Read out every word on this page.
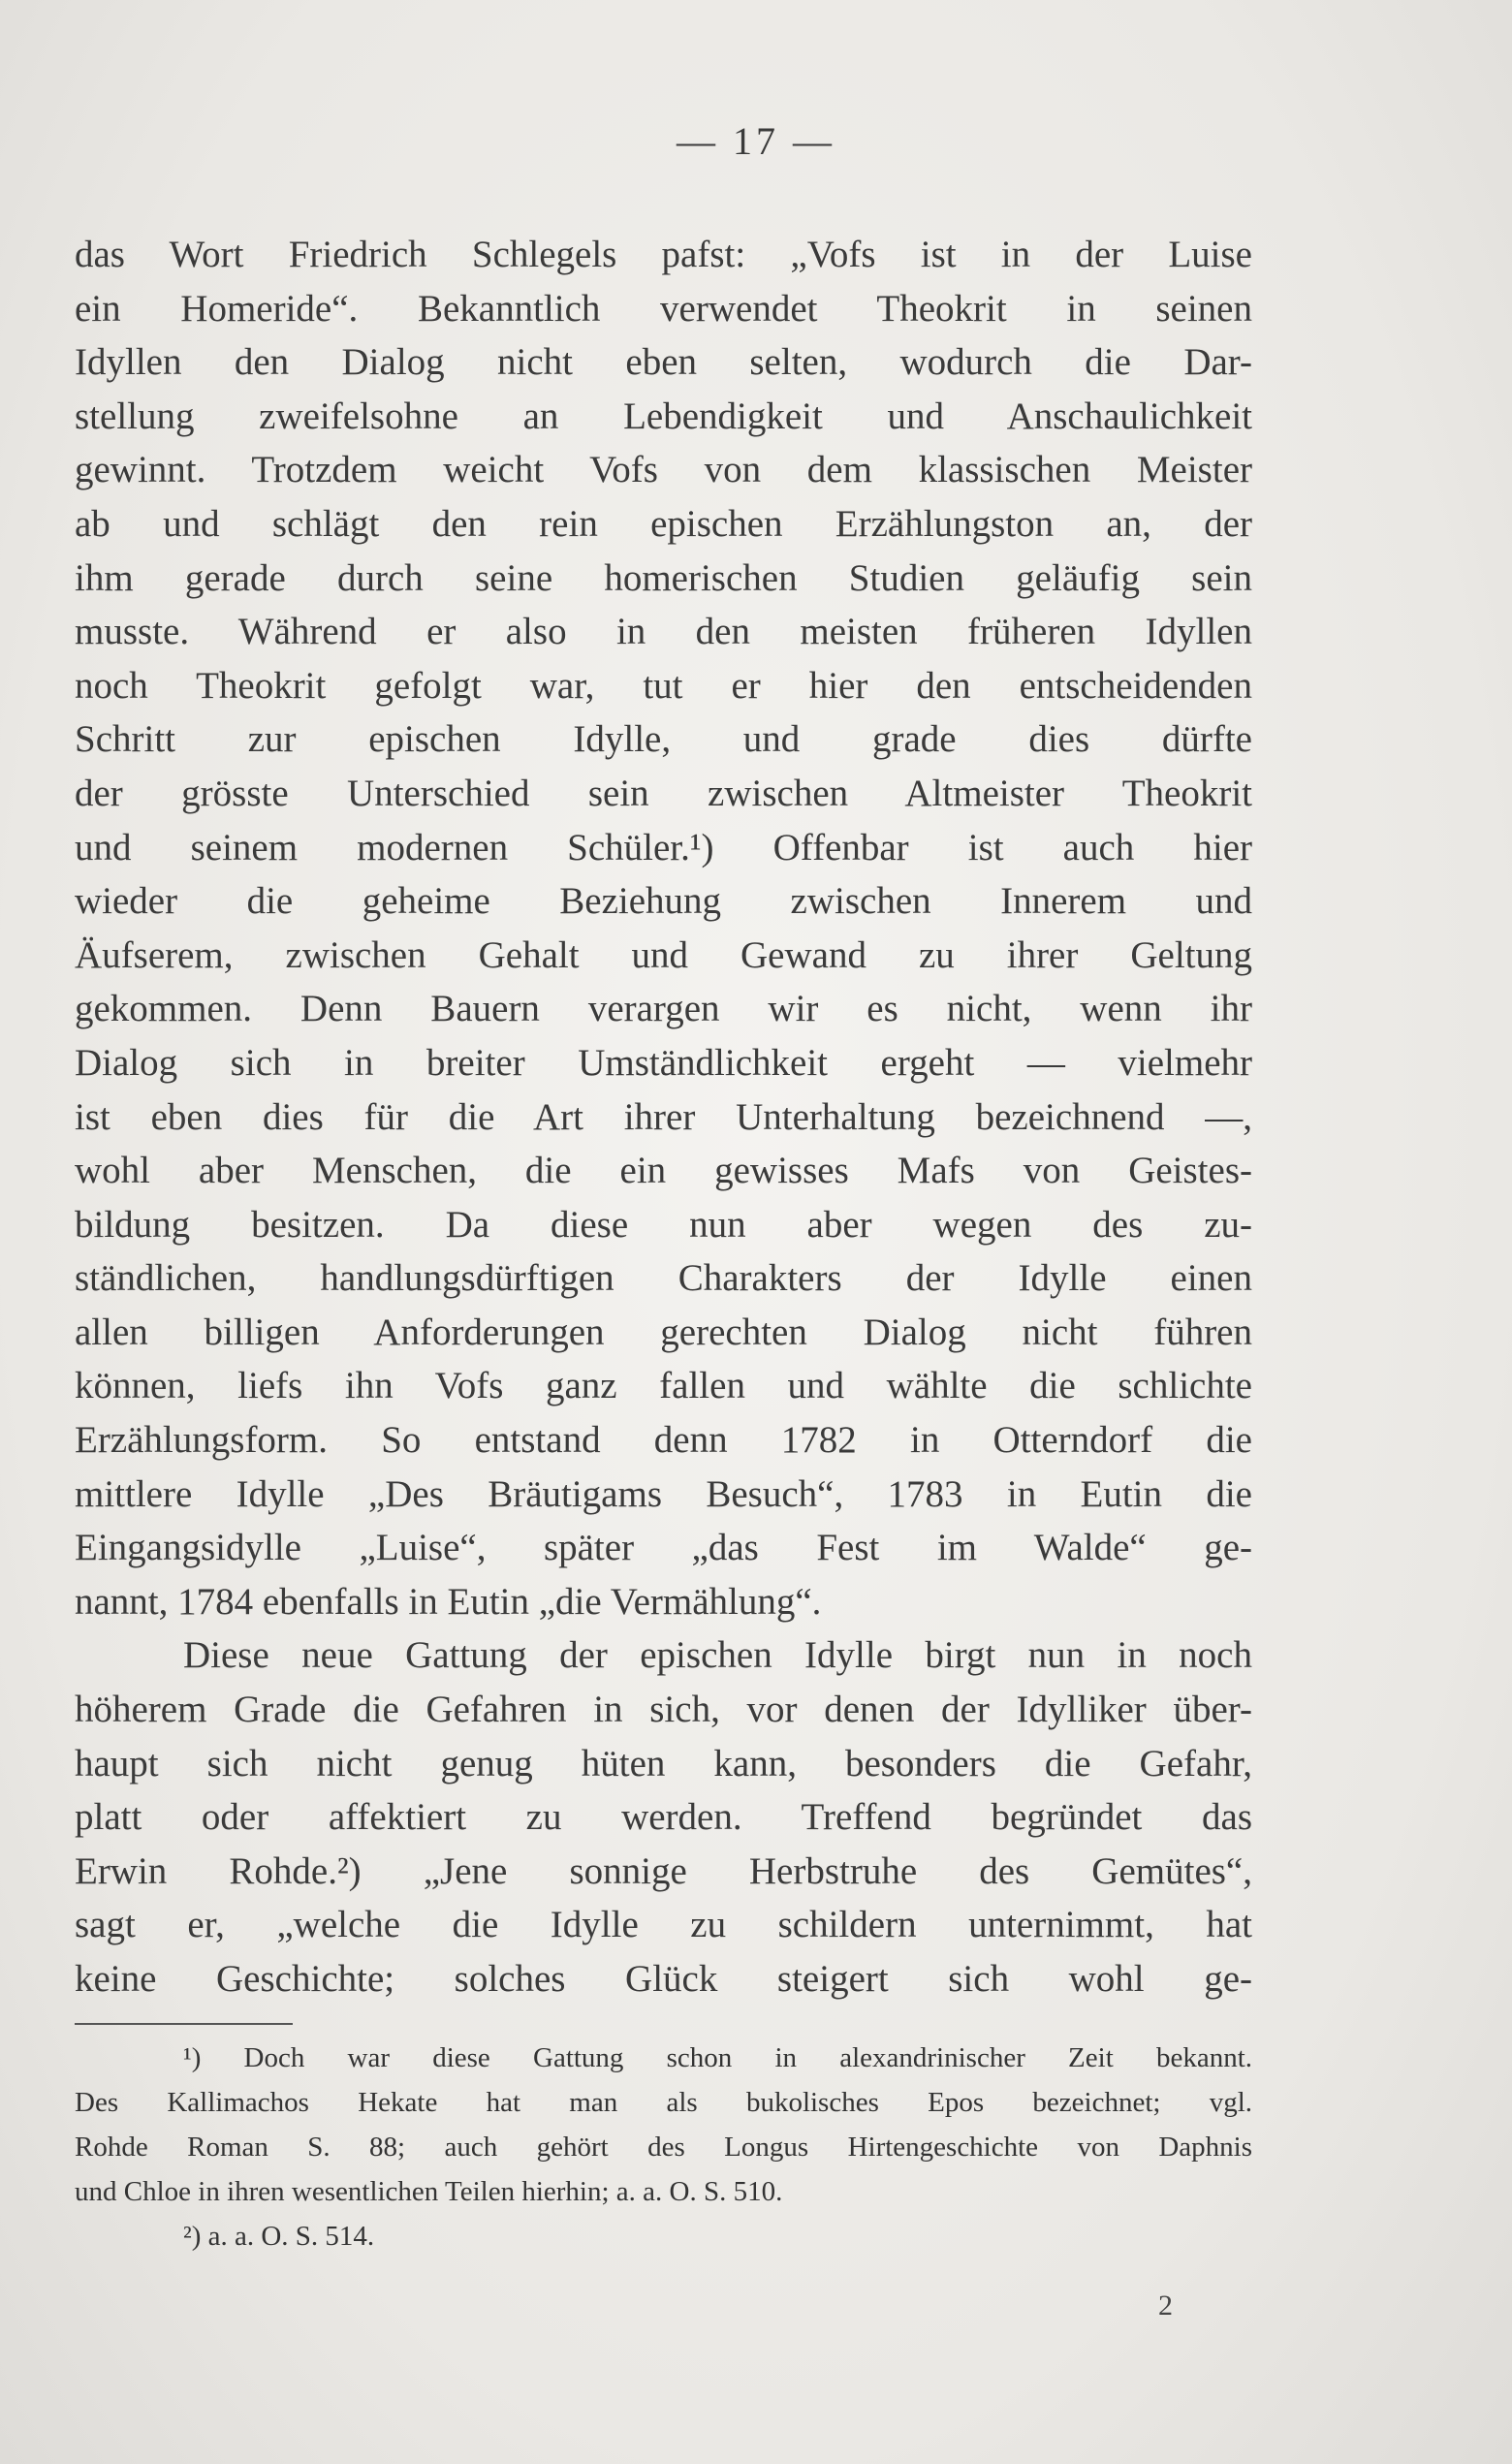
— 17 —
das Wort Friedrich Schlegels pafst: „Vofs ist in der Luise
ein Homeride“. Bekanntlich verwendet Theokrit in seinen
Idyllen den Dialog nicht eben selten, wodurch die Dar-
stellung zweifelsohne an Lebendigkeit und Anschaulichkeit
gewinnt. Trotzdem weicht Vofs von dem klassischen Meister
ab und schlägt den rein epischen Erzählungston an, der
ihm gerade durch seine homerischen Studien geläufig sein
musste. Während er also in den meisten früheren Idyllen
noch Theokrit gefolgt war, tut er hier den entscheidenden
Schritt zur epischen Idylle, und grade dies dürfte
der grösste Unterschied sein zwischen Altmeister Theokrit
und seinem modernen Schüler.¹) Offenbar ist auch hier
wieder die geheime Beziehung zwischen Innerem und
Äufserem, zwischen Gehalt und Gewand zu ihrer Geltung
gekommen. Denn Bauern verargen wir es nicht, wenn ihr
Dialog sich in breiter Umständlichkeit ergeht — vielmehr
ist eben dies für die Art ihrer Unterhaltung bezeichnend —,
wohl aber Menschen, die ein gewisses Mafs von Geistes-
bildung besitzen. Da diese nun aber wegen des zu-
ständlichen, handlungsdürftigen Charakters der Idylle einen
allen billigen Anforderungen gerechten Dialog nicht führen
können, liefs ihn Vofs ganz fallen und wählte die schlichte
Erzählungsform. So entstand denn 1782 in Otterndorf die
mittlere Idylle „Des Bräutigams Besuch“, 1783 in Eutin die
Eingangsidylle „Luise“, später „das Fest im Walde“ ge-
nannt, 1784 ebenfalls in Eutin „die Vermählung“.
Diese neue Gattung der epischen Idylle birgt nun in noch
höherem Grade die Gefahren in sich, vor denen der Idylliker über-
haupt sich nicht genug hüten kann, besonders die Gefahr,
platt oder affektiert zu werden. Treffend begründet das
Erwin Rohde.²) „Jene sonnige Herbstruhe des Gemütes“,
sagt er, „welche die Idylle zu schildern unternimmt, hat
keine Geschichte; solches Glück steigert sich wohl ge-
¹) Doch war diese Gattung schon in alexandrinischer Zeit bekannt.
Des Kallimachos Hekate hat man als bukolisches Epos bezeichnet; vgl.
Rohde Roman S. 88; auch gehört des Longus Hirtengeschichte von Daphnis
und Chloe in ihren wesentlichen Teilen hierhin; a. a. O. S. 510.
²) a. a. O. S. 514.
2
